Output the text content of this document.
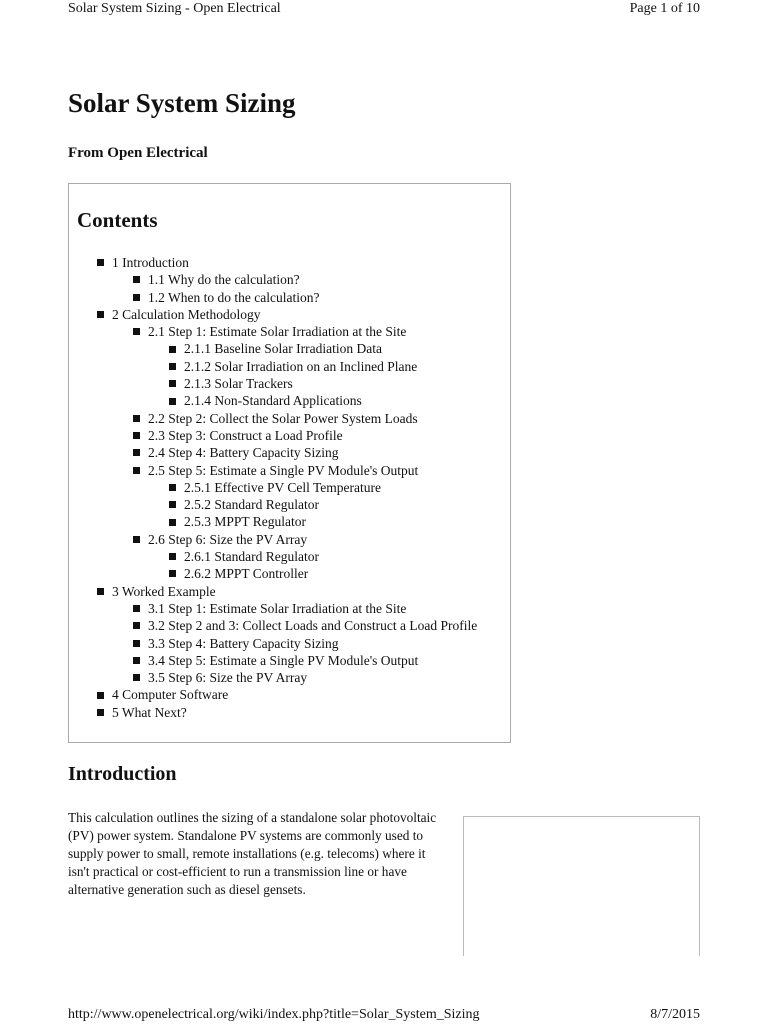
Solar System Sizing - Open Electrical	Page 1 of 10
Solar System Sizing

From Open Electrical

Contents
1 Introduction
1.1 Why do the calculation?
1.2 When to do the calculation?
2 Calculation Methodology
2.1 Step 1: Estimate Solar Irradiation at the Site
2.1.1 Baseline Solar Irradiation Data
2.1.2 Solar Irradiation on an Inclined Plane
2.1.3 Solar Trackers
2.1.4 Non-Standard Applications
2.2 Step 2: Collect the Solar Power System Loads
2.3 Step 3: Construct a Load Profile
2.4 Step 4: Battery Capacity Sizing
2.5 Step 5: Estimate a Single PV Module's Output
2.5.1 Effective PV Cell Temperature
2.5.2 Standard Regulator
2.5.3 MPPT Regulator
2.6 Step 6: Size the PV Array
2.6.1 Standard Regulator
2.6.2 MPPT Controller
3 Worked Example
3.1 Step 1: Estimate Solar Irradiation at the Site
3.2 Step 2 and 3: Collect Loads and Construct a Load Profile
3.3 Step 4: Battery Capacity Sizing
3.4 Step 5: Estimate a Single PV Module's Output
3.5 Step 6: Size the PV Array
4 Computer Software
5 What Next?
Introduction

This calculation outlines the sizing of a standalone solar photovoltaic (PV) power system. Standalone PV systems are commonly used to supply power to small, remote installations (e.g. telecoms) where it isn't practical or cost-efficient to run a transmission line or have alternative generation such as diesel gensets.

http://www.openelectrical.org/wiki/index.php?title=Solar_System_Sizing	8/7/2015
